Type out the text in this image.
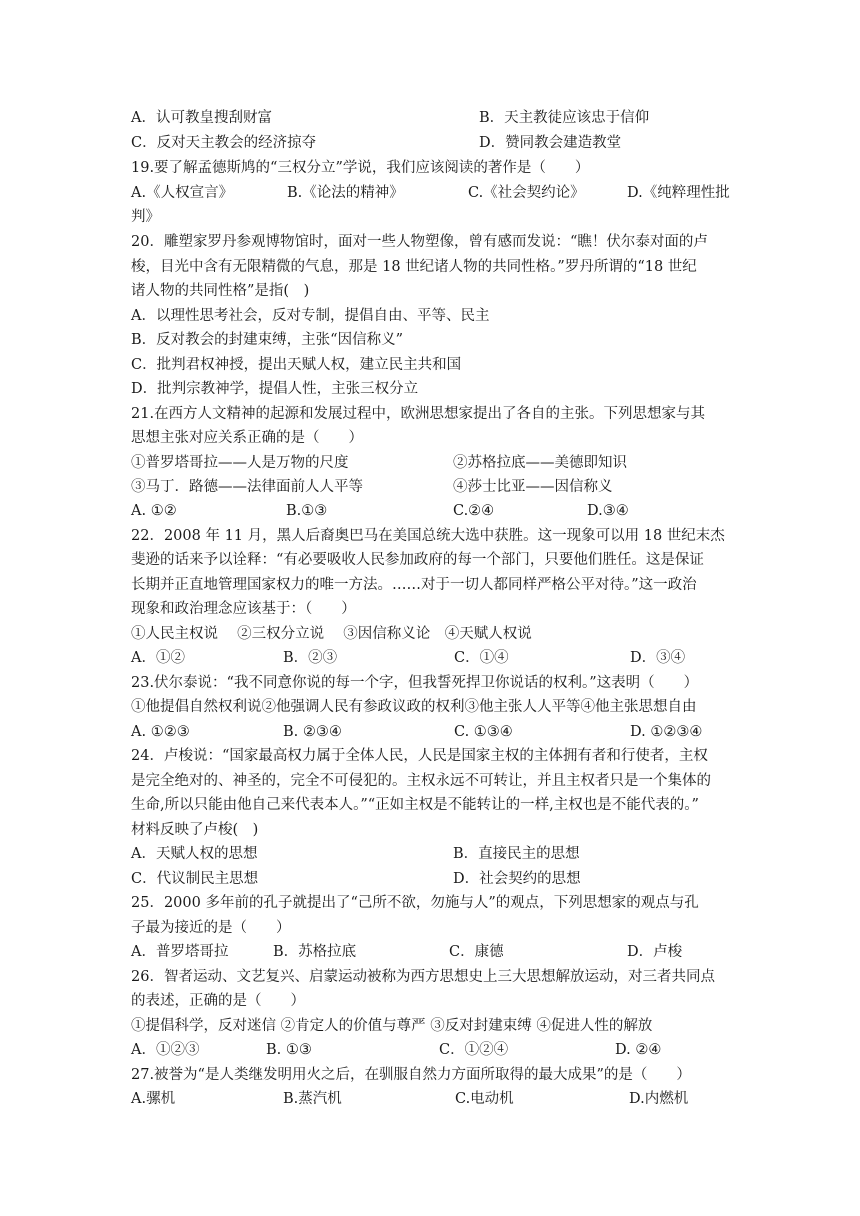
A．认可教皇搜刮财富	B．天主教徒应该忠于信仰
C．反对天主教会的经济掠夺	D．赞同教会建造教堂

19.要了解孟德斯鸠的“三权分立”学说，我们应该阅读的著作是（　　）

A.《人权宣言》	B.《论法的精神》	C.《社会契约论》	D.《纯粹理性批

判》

20．雕塑家罗丹参观博物馆时，面对一些人物塑像，曾有感而发说：“瞧！伏尔泰对面的卢

梭，目光中含有无限精微的气息，那是 18 世纪诸人物的共同性格。”罗丹所谓的“18 世纪

诸人物的共同性格”是指(　)

A．以理性思考社会，反对专制，提倡自由、平等、民主

B．反对教会的封建束缚，主张“因信称义”

C．批判君权神授，提出天赋人权，建立民主共和国

D．批判宗教神学，提倡人性，主张三权分立

21.在西方人文精神的起源和发展过程中，欧洲思想家提出了各自的主张。下列思想家与其

思想主张对应关系正确的是（　　）

①普罗塔哥拉——人是万物的尺度	②苏格拉底——美德即知识
③马丁．路德——法律面前人人平等	④莎士比亚——因信称义
A. ①②	B.①③	C.②④	D.③④

22．2008 年 11 月，黑人后裔奥巴马在美国总统大选中获胜。这一现象可以用 18 世纪末杰

斐逊的话来予以诠释：“有必要吸收人民参加政府的每一个部门，只要他们胜任。这是保证

长期并正直地管理国家权力的唯一方法。……对于一切人都同样严格公平对待。”这一政治

现象和政治理念应该基于：（　　）

①人民主权说　 ②三权分立说　 ③因信称义论　④天赋人权说

A．①②	B．②③	C．①④	D．③④

23.伏尔泰说：“我不同意你说的每一个字，但我誓死捍卫你说话的权利。”这表明（　　）

①他提倡自然权利说②他强调人民有参政议政的权利③他主张人人平等④他主张思想自由

A. ①②③	B. ②③④	C. ①③④	D. ①②③④

24．卢梭说：“国家最高权力属于全体人民，人民是国家主权的主体拥有者和行使者，主权

是完全绝对的、神圣的，完全不可侵犯的。主权永远不可转让，并且主权者只是一个集体的

生命,所以只能由他自己来代表本人。”“正如主权是不能转让的一样,主权也是不能代表的。”

材料反映了卢梭(　)

A．天赋人权的思想	B．直接民主的思想
C．代议制民主思想	D．社会契约的思想

25．2000 多年前的孔子就提出了“己所不欲，勿施与人”的观点，下列思想家的观点与孔

子最为接近的是（　　）

A．普罗塔哥拉	B．苏格拉底	C．康德	D．卢梭

26．智者运动、文艺复兴、启蒙运动被称为西方思想史上三大思想解放运动，对三者共同点

的表述，正确的是（　　）

①提倡科学，反对迷信 ②肯定人的价值与尊严 ③反对封建束缚 ④促进人性的解放

A．①②③	B. ①③	C．①②④	D. ②④

27.被誉为“是人类继发明用火之后，在驯服自然力方面所取得的最大成果”的是（　　）

A.骡机	B.蒸汽机	C.电动机	D.内燃机
